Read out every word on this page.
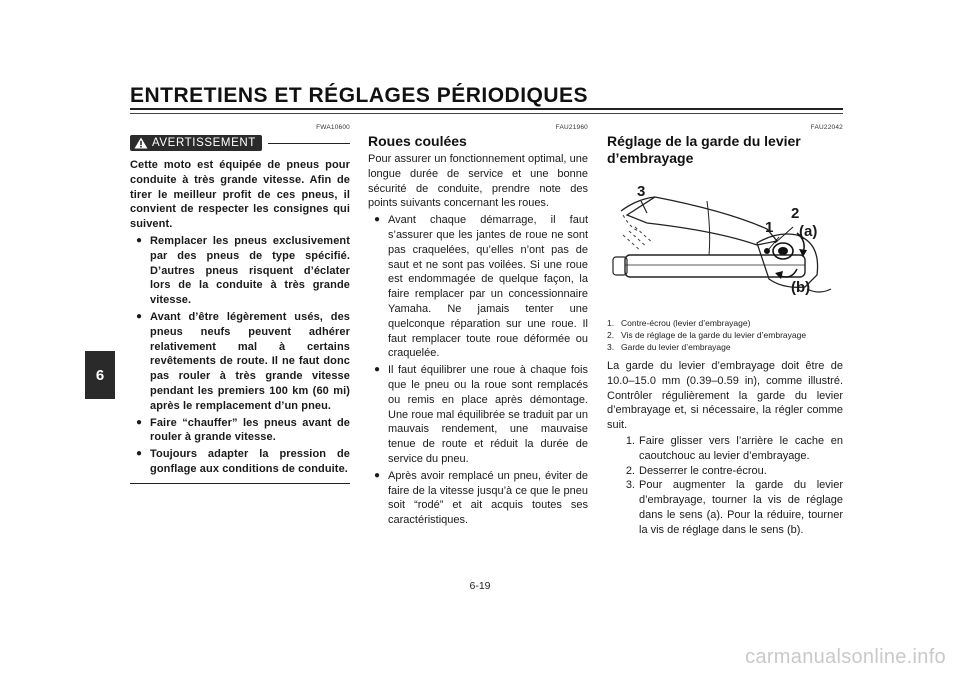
ENTRETIENS ET RÉGLAGES PÉRIODIQUES
6
FWA10600
AVERTISSEMENT
Cette moto est équipée de pneus pour conduite à très grande vitesse. Afin de tirer le meilleur profit de ces pneus, il convient de respecter les consignes qui suivent.
● Remplacer les pneus exclusivement par des pneus de type spécifié. D’autres pneus risquent d’éclater lors de la conduite à très grande vitesse.
● Avant d’être légèrement usés, des pneus neufs peuvent adhérer relativement mal à certains revêtements de route. Il ne faut donc pas rouler à très grande vitesse pendant les premiers 100 km (60 mi) après le remplacement d’un pneu.
● Faire “chauffer” les pneus avant de rouler à grande vitesse.
● Toujours adapter la pression de gonflage aux conditions de conduite.
FAU21960
Roues coulées
Pour assurer un fonctionnement optimal, une longue durée de service et une bonne sécurité de conduite, prendre note des points suivants concernant les roues.
● Avant chaque démarrage, il faut s’assurer que les jantes de roue ne sont pas craquelées, qu’elles n’ont pas de saut et ne sont pas voilées. Si une roue est endommagée de quelque façon, la faire remplacer par un concessionnaire Yamaha. Ne jamais tenter une quelconque réparation sur une roue. Il faut remplacer toute roue déformée ou craquelée.
● Il faut équilibrer une roue à chaque fois que le pneu ou la roue sont remplacés ou remis en place après démontage. Une roue mal équilibrée se traduit par un mauvais rendement, une mauvaise tenue de route et réduit la durée de service du pneu.
● Après avoir remplacé un pneu, éviter de faire de la vitesse jusqu’à ce que le pneu soit “rodé” et ait acquis toutes ses caractéristiques.
FAU22042
Réglage de la garde du levier d’embrayage
3
1
2
(a)
(b)
1. Contre-écrou (levier d’embrayage)
2. Vis de réglage de la garde du levier d’embrayage
3. Garde du levier d’embrayage
La garde du levier d’embrayage doit être de 10.0–15.0 mm (0.39–0.59 in), comme illustré. Contrôler régulièrement la garde du levier d’embrayage et, si nécessaire, la régler comme suit.
1. Faire glisser vers l’arrière le cache en caoutchouc au levier d’embrayage.
2. Desserrer le contre-écrou.
3. Pour augmenter la garde du levier d’embrayage, tourner la vis de réglage dans le sens (a). Pour la réduire, tourner la vis de réglage dans le sens (b).
6-19
carmanualsonline.info
